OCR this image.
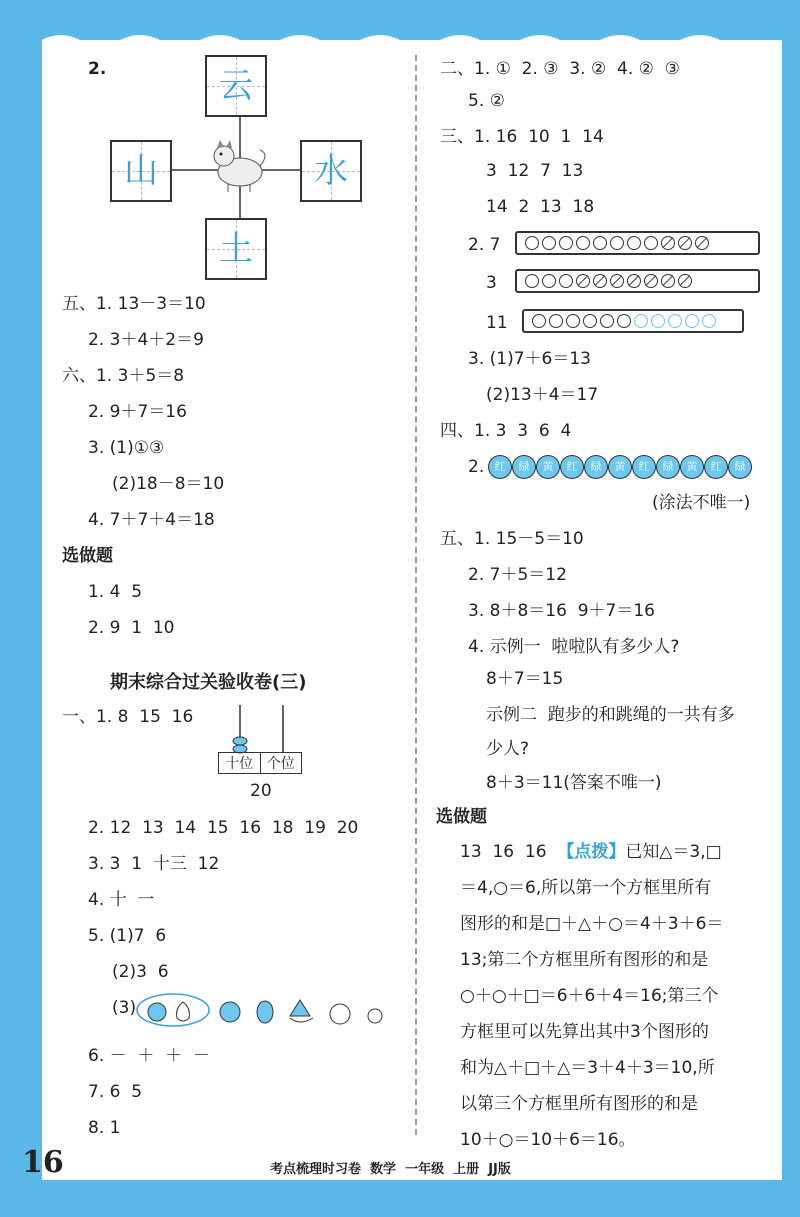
2.	云
山	水
土
五、1. 13－3＝10
2. 3＋4＋2＝9
六、1. 3＋5＝8
2. 9＋7＝16
3. (1)①③
(2)18－8＝10
4. 7＋7＋4＝18
选做题
1. 4  5
2. 9  1  10
期末综合过关验收卷(三)
一、1. 8  15  16
十位 个位
20
2. 12  13  14  15  16  18  19  20
3. 3  1  十三  12
4. 十  一
5. (1)7  6
(2)3  6
(3)
6. －  ＋  ＋  －
7. 6  5
8. 1
二、1. ①  2. ③  3. ②  4. ②  ③
5. ②
三、1. 16  10  1  14
3  12  7  13
14  2  13  18
2. 7
3
11
3. (1)7＋6＝13
(2)13＋4＝17
四、1. 3  3  6  4
2. 红	绿	黄	红	绿	黄	红	绿	黄	红	绿
(涂法不唯一)
五、1. 15－5＝10
2. 7＋5＝12
3. 8＋8＝16  9＋7＝16
4. 示例一  啦啦队有多少人?
8＋7＝15
示例二  跑步的和跳绳的一共有多
少人?
8＋3＝11(答案不唯一)
选做题
13  16  16 【点拨】已知△＝3,□
＝4,○＝6,所以第一个方框里所有
图形的和是□＋△＋○＝4＋3＋6＝
13;第二个方框里所有图形的和是
○＋○＋□＝6＋6＋4＝16;第三个
方框里可以先算出其中3个图形的
和为△＋□＋△＝3＋4＋3＝10,所
以第三个方框里所有图形的和是
10＋○＝10＋6＝16。
16	考点梳理时习卷  数学  一年级  上册  JJ版
